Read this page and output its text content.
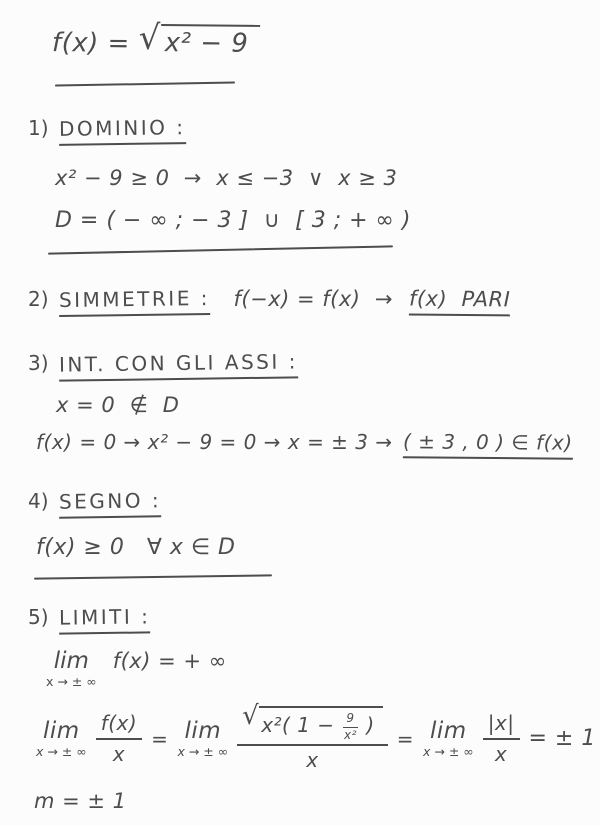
f(x) = √ x² − 9
1) DOMINIO :
x² − 9 ≥ 0  →  x ≤ −3  ∨  x ≥ 3
D = ( − ∞ ; − 3 ]  ∪  [ 3 ; + ∞ )
2) SIMMETRIE : f(−x) = f(x)  → f(x)  PARI
3) INT. CON GLI ASSI :
x = 0  ∉  D
f(x) = 0 → x² − 9 = 0 → x = ± 3 → ( ± 3 , 0 ) ∈ f(x)
4) SEGNO :
f(x) ≥ 0   ∀ x ∈ D
5) LIMITI :
lim
x → ± ∞
f(x) = + ∞
lim
x → ± ∞ $\frac{f(x)}{x} = \lim$
x → ± ∞
√ x²( $1 - \frac{9}{\text{x²}}$ )
x
= lim
x → ± ∞ $\frac{|x|}{x}$ = ± 1
m = ± 1
